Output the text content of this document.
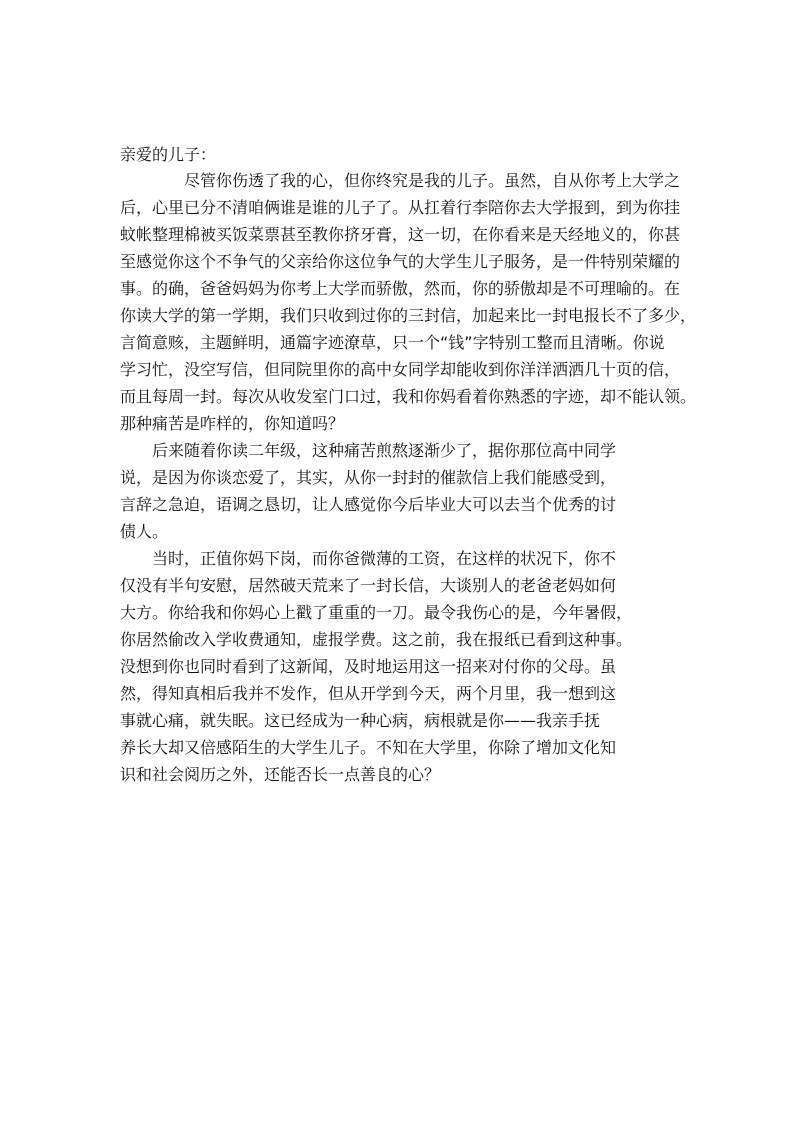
亲爱的儿子：
尽管你伤透了我的心，但你终究是我的儿子。虽然，自从你考上大学之
后，心里已分不清咱俩谁是谁的儿子了。从扛着行李陪你去大学报到，到为你挂
蚊帐整理棉被买饭菜票甚至教你挤牙膏，这一切，在你看来是天经地义的，你甚
至感觉你这个不争气的父亲给你这位争气的大学生儿子服务，是一件特别荣耀的
事。的确，爸爸妈妈为你考上大学而骄傲，然而，你的骄傲却是不可理喻的。在
你读大学的第一学期，我们只收到过你的三封信，加起来比一封电报长不了多少，
言简意赅，主题鲜明，通篇字迹潦草，只一个“钱”字特别工整而且清晰。你说
学习忙，没空写信，但同院里你的高中女同学却能收到你洋洋洒洒几十页的信，
而且每周一封。每次从收发室门口过，我和你妈看着你熟悉的字迹，却不能认领。
那种痛苦是咋样的，你知道吗？
后来随着你读二年级，这种痛苦煎熬逐渐少了，据你那位高中同学
说，是因为你谈恋爱了，其实，从你一封封的催款信上我们能感受到，
言辞之急迫，语调之恳切，让人感觉你今后毕业大可以去当个优秀的讨
债人。
当时，正值你妈下岗，而你爸微薄的工资，在这样的状况下，你不
仅没有半句安慰，居然破天荒来了一封长信，大谈别人的老爸老妈如何
大方。你给我和你妈心上戳了重重的一刀。最令我伤心的是，今年暑假，
你居然偷改入学收费通知，虚报学费。这之前，我在报纸已看到这种事。
没想到你也同时看到了这新闻，及时地运用这一招来对付你的父母。虽
然，得知真相后我并不发作，但从开学到今天，两个月里，我一想到这
事就心痛，就失眠。这已经成为一种心病，病根就是你——我亲手抚
养长大却又倍感陌生的大学生儿子。不知在大学里，你除了增加文化知
识和社会阅历之外，还能否长一点善良的心？
